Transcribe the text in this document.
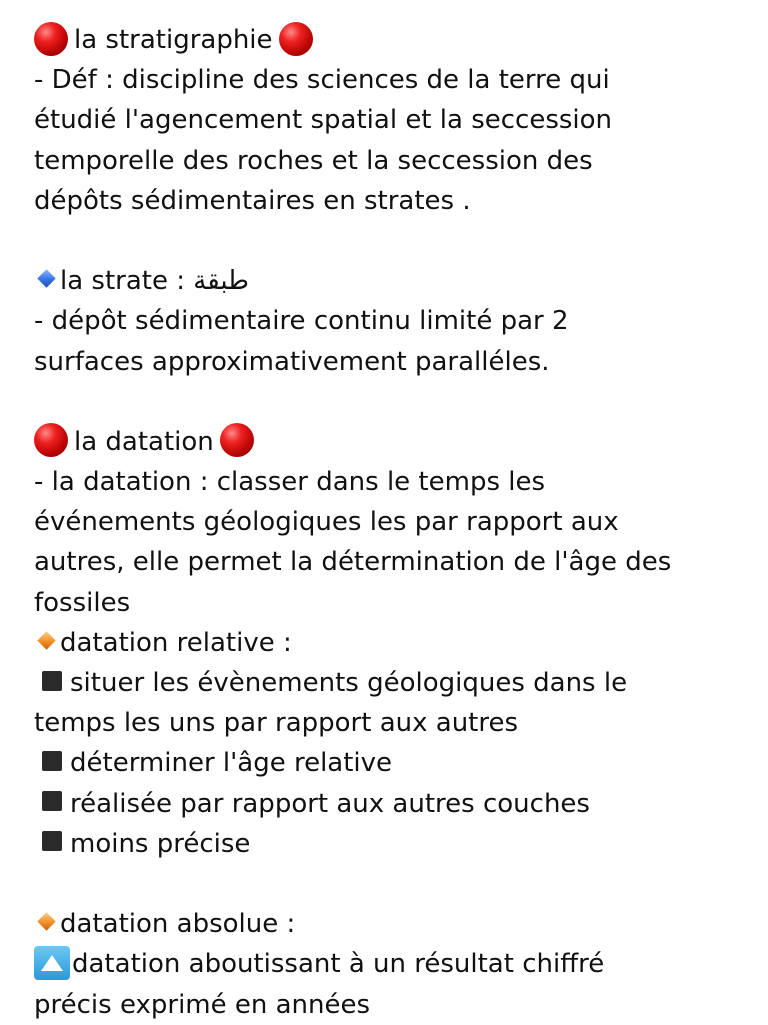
la stratigraphie
- Déf : discipline des sciences de la terre qui
étudié l'agencement spatial et la seccession
temporelle des roches et la seccession des
dépôts sédimentaires en strates .
la strate : طبقة
- dépôt sédimentaire continu limité par 2
surfaces approximativement paralléles.
la datation
- la datation : classer dans le temps les
événements géologiques les par rapport aux
autres, elle permet la détermination de l'âge des
fossiles
datation relative :
situer les évènements géologiques dans le
temps les uns par rapport aux autres
déterminer l'âge relative
réalisée par rapport aux autres couches
moins précise
datation absolue :
datation aboutissant à un résultat chiffré
précis exprimé en années
